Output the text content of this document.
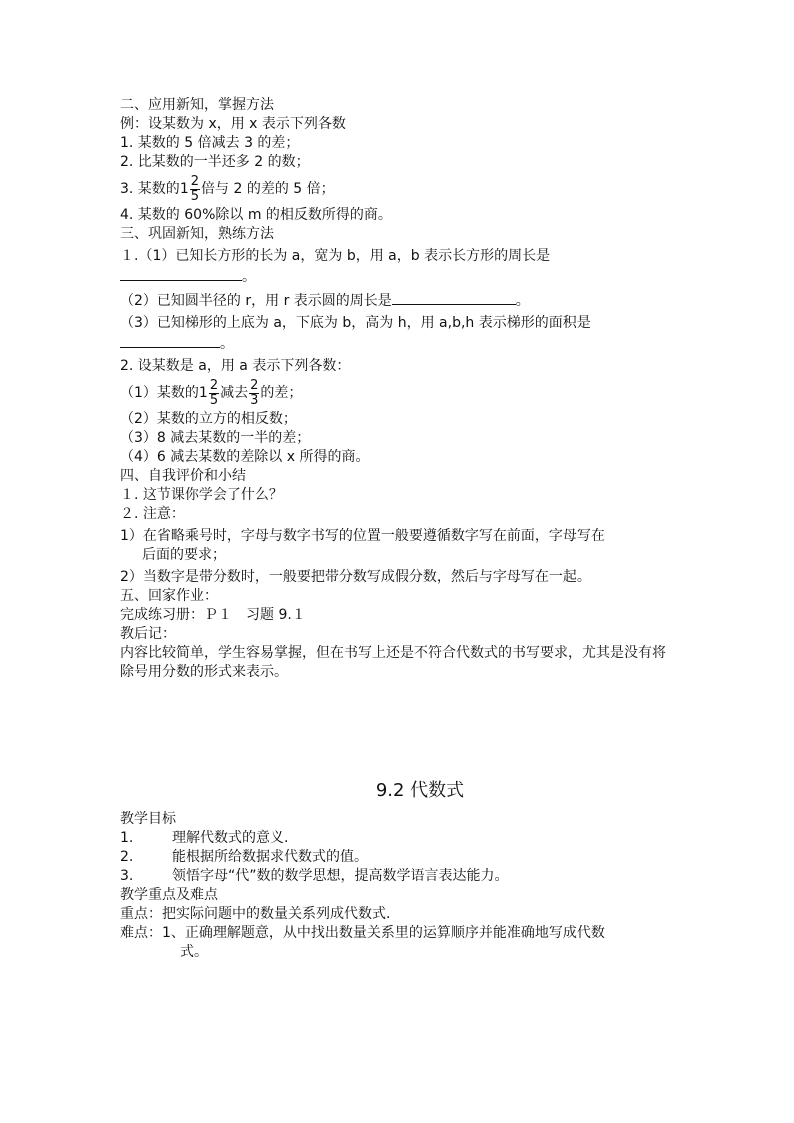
二、应用新知，掌握方法
例：设某数为 x，用 x 表示下列各数
1. 某数的 5 倍减去 3 的差；
2. 比某数的一半还多 2 的数；
3. 某数的 $1 \frac{2}{5}$ 倍与 2 的差的 5 倍；
4. 某数的 60%除以 m 的相反数所得的商。
三、巩固新知，熟练方法
１.（1）已知长方形的长为 a，宽为 b，用 a，b 表示长方形的周长是
。
（2）已知圆半径的 r，用 r 表示圆的周长是	。
（3）已知梯形的上底为 a，下底为 b，高为 h，用 a,b,h 表示梯形的面积是
。
2. 设某数是 a，用 a 表示下列各数：
（1）某数的 $1 \frac{2}{5}$ 减去 $\frac{2}{3}$ 的差；
（2）某数的立方的相反数；
（3）8 减去某数的一半的差；
（4）6 减去某数的差除以 x 所得的商。
四、自我评价和小结
１. 这节课你学会了什么？
２. 注意：
1）在省略乘号时，字母与数字书写的位置一般要遵循数字写在前面，字母写在
后面的要求；
2）当数字是带分数时，一般要把带分数写成假分数，然后与字母写在一起。
五、回家作业：
完成练习册：Ｐ１　习题 9.１
教后记：
内容比较简单，学生容易掌握，但在书写上还是不符合代数式的书写要求，尤其是没有将除号用分数的形式来表示。
9.2 代数式
教学目标
1.	理解代数式的意义.
2.	能根据所给数据求代数式的值。
3.	领悟字母“代”数的数学思想，提高数学语言表达能力。
教学重点及难点
重点：把实际问题中的数量关系列成代数式.
难点：1、正确理解题意，从中找出数量关系里的运算顺序并能准确地写成代数
式。
